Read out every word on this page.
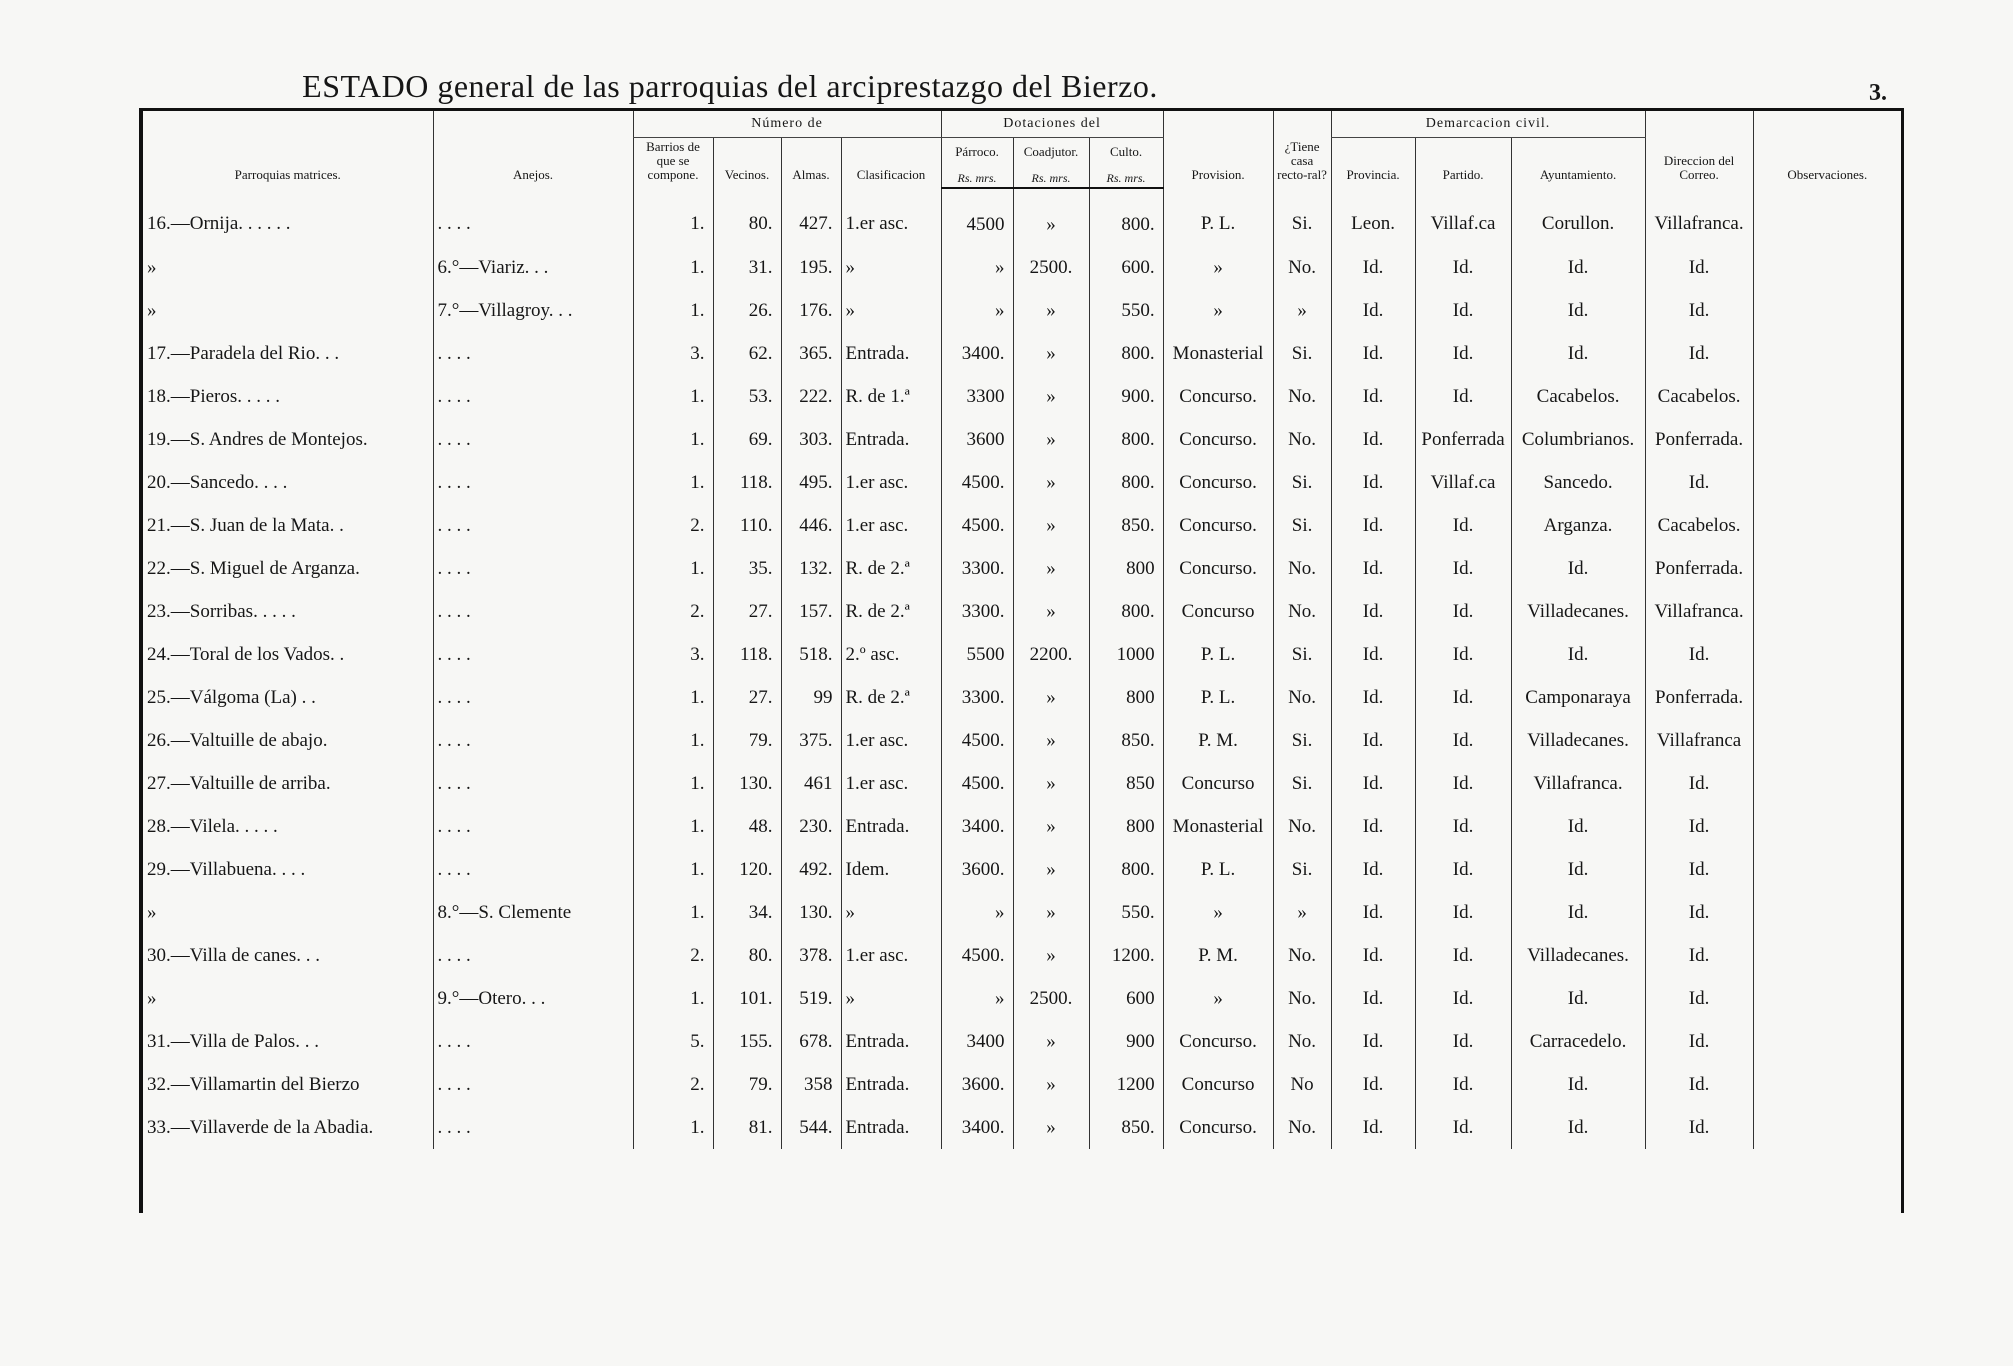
3.
ESTADO general de las parroquias del arciprestazgo del Bierzo.
Parroquias matrices.	Anejos.	Número de				Dotaciones del			Provision.	¿Tiene casa recto-ral?	Demarcacion civil.			Direccion del Correo.	Observaciones.
		Barrios de que se compone.	Vecinos.	Almas.	Clasificacion	Párroco.	Coadjutor.	Culto.			Provincia.	Partido.	Ayuntamiento.		
						Rs. mrs.	Rs. mrs.	Rs. mrs.							
16.—Ornija. . . . . .	. . . .	1.	80.	427.	1.er asc.	4500	»	800.	P. L.	Si.	Leon.	Villaf.ca	Corullon.	Villafranca.	
»	6.°—Viariz. . .	1.	31.	195.	»	»	2500.	600.	»	No.	Id.	Id.	Id.	Id.	
»	7.°—Villagroy. . .	1.	26.	176.	»	»	»	550.	»	»	Id.	Id.	Id.	Id.	
17.—Paradela del Rio. . .	. . . .	3.	62.	365.	Entrada.	3400.	»	800.	Monasterial	Si.	Id.	Id.	Id.	Id.	
18.—Pieros. . . . .	. . . .	1.	53.	222.	R. de 1.ª	3300	»	900.	Concurso.	No.	Id.	Id.	Cacabelos.	Cacabelos.	
19.—S. Andres de Montejos.	. . . .	1.	69.	303.	Entrada.	3600	»	800.	Concurso.	No.	Id.	Ponferrada	Columbrianos.	Ponferrada.	
20.—Sancedo. . . .	. . . .	1.	118.	495.	1.er asc.	4500.	»	800.	Concurso.	Si.	Id.	Villaf.ca	Sancedo.	Id.	
21.—S. Juan de la Mata. .	. . . .	2.	110.	446.	1.er asc.	4500.	»	850.	Concurso.	Si.	Id.	Id.	Arganza.	Cacabelos.	
22.—S. Miguel de Arganza.	. . . .	1.	35.	132.	R. de 2.ª	3300.	»	800	Concurso.	No.	Id.	Id.	Id.	Ponferrada.	
23.—Sorribas. . . . .	. . . .	2.	27.	157.	R. de 2.ª	3300.	»	800.	Concurso	No.	Id.	Id.	Villadecanes.	Villafranca.	
24.—Toral de los Vados. .	. . . .	3.	118.	518.	2.º asc.	5500	2200.	1000	P. L.	Si.	Id.	Id.	Id.	Id.	
25.—Válgoma (La) . .	. . . .	1.	27.	99	R. de 2.ª	3300.	»	800	P. L.	No.	Id.	Id.	Camponaraya	Ponferrada.	
26.—Valtuille de abajo.	. . . .	1.	79.	375.	1.er asc.	4500.	»	850.	P. M.	Si.	Id.	Id.	Villadecanes.	Villafranca	
27.—Valtuille de arriba.	. . . .	1.	130.	461	1.er asc.	4500.	»	850	Concurso	Si.	Id.	Id.	Villafranca.	Id.	
28.—Vilela. . . . .	. . . .	1.	48.	230.	Entrada.	3400.	»	800	Monasterial	No.	Id.	Id.	Id.	Id.	
29.—Villabuena. . . .	. . . .	1.	120.	492.	Idem.	3600.	»	800.	P. L.	Si.	Id.	Id.	Id.	Id.	
»	8.°—S. Clemente	1.	34.	130.	»	»	»	550.	»	»	Id.	Id.	Id.	Id.	
30.—Villa de canes. . .	. . . .	2.	80.	378.	1.er asc.	4500.	»	1200.	P. M.	No.	Id.	Id.	Villadecanes.	Id.	
»	9.°—Otero. . .	1.	101.	519.	»	»	2500.	600	»	No.	Id.	Id.	Id.	Id.	
31.—Villa de Palos. . .	. . . .	5.	155.	678.	Entrada.	3400	»	900	Concurso.	No.	Id.	Id.	Carracedelo.	Id.	
32.—Villamartin del Bierzo	. . . .	2.	79.	358	Entrada.	3600.	»	1200	Concurso	No	Id.	Id.	Id.	Id.	
33.—Villaverde de la Abadia.	. . . .	1.	81.	544.	Entrada.	3400.	»	850.	Concurso.	No.	Id.	Id.	Id.	Id.	
